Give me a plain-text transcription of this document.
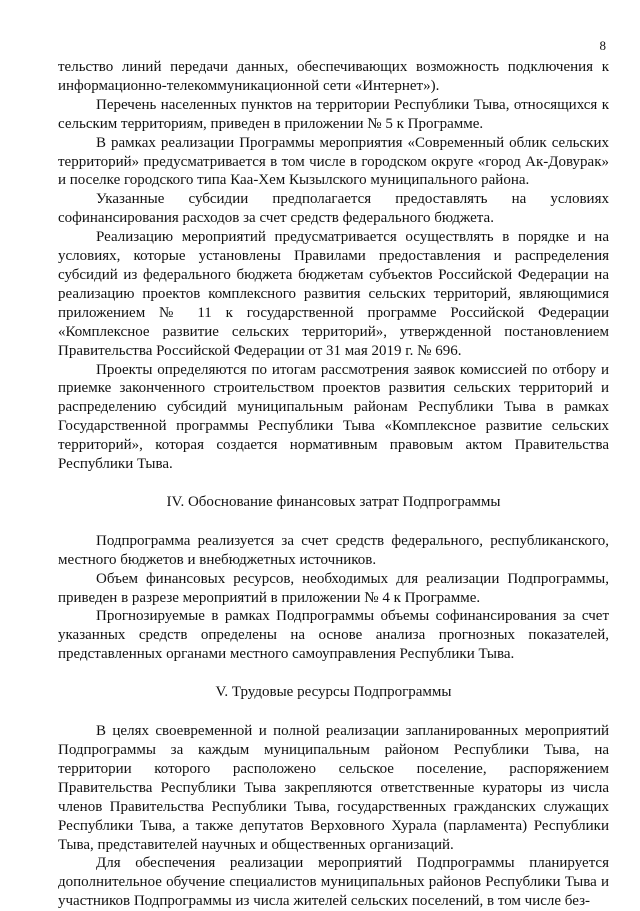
8

тельство линий передачи данных, обеспечивающих возможность подключения к информационно-телекоммуникационной сети «Интернет»).

Перечень населенных пунктов на территории Республики Тыва, относящихся к сельским территориям, приведен в приложении № 5 к Программе.

В рамках реализации Программы мероприятия «Современный облик сельских территорий» предусматривается в том числе в городском округе «город Ак-Довурак» и поселке городского типа Каа-Хем Кызылского муниципального района.

Указанные субсидии предполагается предоставлять на условиях софинансирования расходов за счет средств федерального бюджета.

Реализацию мероприятий предусматривается осуществлять в порядке и на условиях, которые установлены Правилами предоставления и распределения субсидий из федерального бюджета бюджетам субъектов Российской Федерации на реализацию проектов комплексного развития сельских территорий, являющимися приложением № 11 к государственной программе Российской Федерации «Комплексное развитие сельских территорий», утвержденной постановлением Правительства Российской Федерации от 31 мая 2019 г. № 696.

Проекты определяются по итогам рассмотрения заявок комиссией по отбору и приемке законченного строительством проектов развития сельских территорий и распределению субсидий муниципальным районам Республики Тыва в рамках Государственной программы Республики Тыва «Комплексное развитие сельских территорий», которая создается нормативным правовым актом Правительства Республики Тыва.

IV. Обоснование финансовых затрат Подпрограммы

Подпрограмма реализуется за счет средств федерального, республиканского, местного бюджетов и внебюджетных источников.

Объем финансовых ресурсов, необходимых для реализации Подпрограммы, приведен в разрезе мероприятий в приложении № 4 к Программе.

Прогнозируемые в рамках Подпрограммы объемы софинансирования за счет указанных средств определены на основе анализа прогнозных показателей, представленных органами местного самоуправления Республики Тыва.

V. Трудовые ресурсы Подпрограммы

В целях своевременной и полной реализации запланированных мероприятий Подпрограммы за каждым муниципальным районом Республики Тыва, на территории которого расположено сельское поселение, распоряжением Правительства Республики Тыва закрепляются ответственные кураторы из числа членов Правительства Республики Тыва, государственных гражданских служащих Республики Тыва, а также депутатов Верховного Хурала (парламента) Республики Тыва, представителей научных и общественных организаций.

Для обеспечения реализации мероприятий Подпрограммы планируется дополнительное обучение специалистов муниципальных районов Республики Тыва и участников Подпрограммы из числа жителей сельских поселений, в том числе без-
